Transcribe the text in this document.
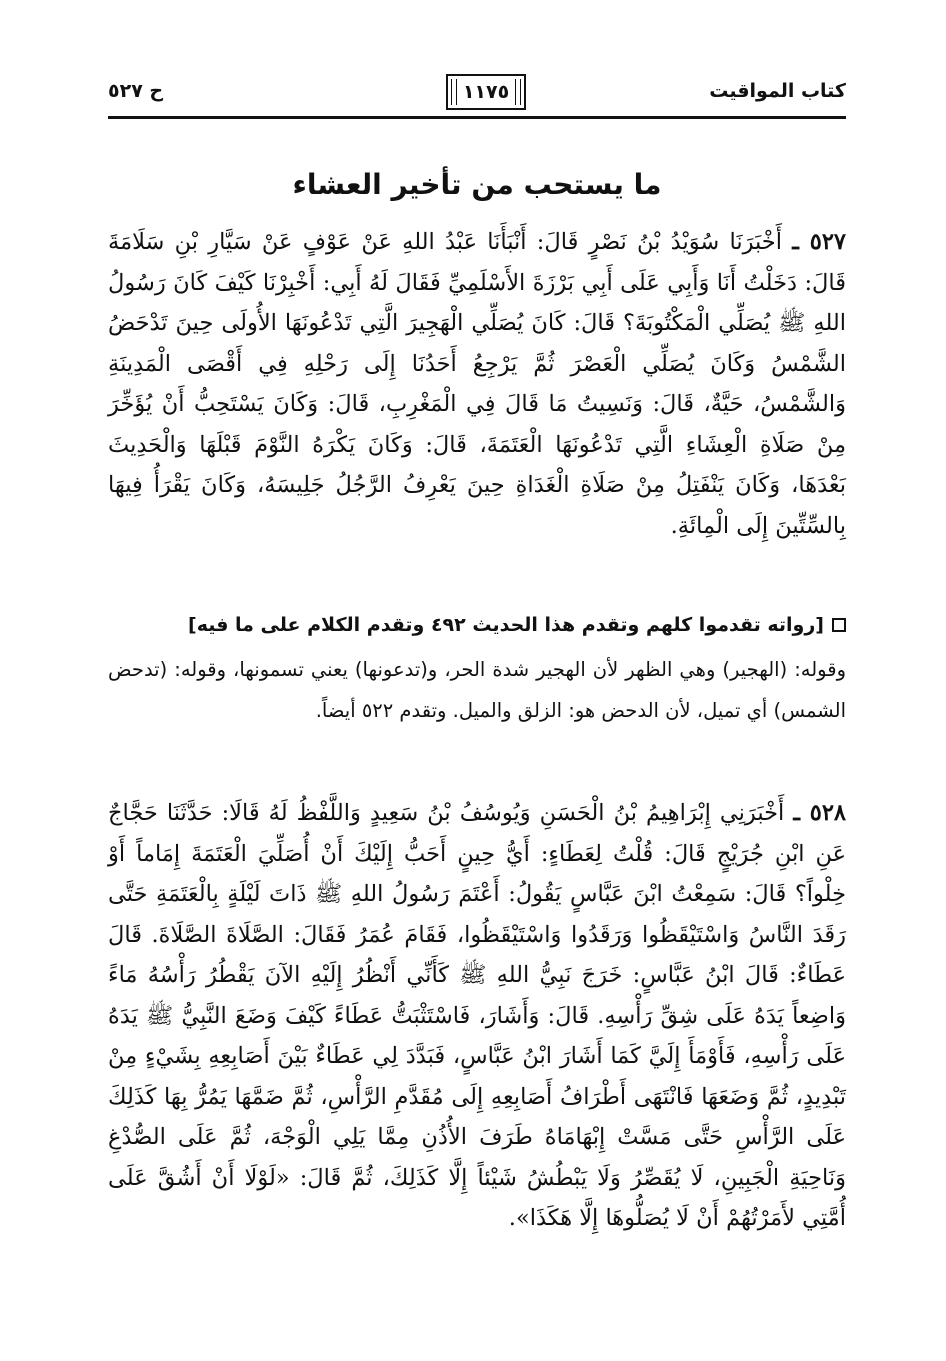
كتاب المواقيت
١١٧٥
ح ٥٢٧
ما يستحب من تأخير العشاء
٥٢٧ ـ أَخْبَرَنَا سُوَيْدُ بْنُ نَصْرٍ قَالَ: أَنْبَأَنَا عَبْدُ اللهِ عَنْ عَوْفٍ عَنْ سَيَّارِ بْنِ سَلَامَةَ قَالَ: دَخَلْتُ أَنَا وَأَبِي عَلَى أَبِي بَرْزَةَ الأَسْلَمِيِّ فَقَالَ لَهُ أَبِي: أَخْبِرْنَا كَيْفَ كَانَ رَسُولُ اللهِ ﷺ يُصَلِّي الْمَكْتُوبَةَ؟ قَالَ: كَانَ يُصَلِّي الْهَجِيرَ الَّتِي تَدْعُونَهَا الأُولَى حِينَ تَدْحَضُ الشَّمْسُ وَكَانَ يُصَلِّي الْعَصْرَ ثُمَّ يَرْجِعُ أَحَدُنَا إِلَى رَحْلِهِ فِي أَقْصَى الْمَدِينَةِ وَالشَّمْسُ، حَيَّةٌ، قَالَ: وَنَسِيتُ مَا قَالَ فِي الْمَغْرِبِ، قَالَ: وَكَانَ يَسْتَحِبُّ أَنْ يُؤَخِّرَ مِنْ صَلَاةِ الْعِشَاءِ الَّتِي تَدْعُونَهَا الْعَتَمَةَ، قَالَ: وَكَانَ يَكْرَهُ النَّوْمَ قَبْلَهَا وَالْحَدِيثَ بَعْدَهَا، وَكَانَ يَنْفَتِلُ مِنْ صَلَاةِ الْغَدَاةِ حِينَ يَعْرِفُ الرَّجُلُ جَلِيسَهُ، وَكَانَ يَقْرَأُ فِيهَا بِالسِّتِّينَ إِلَى الْمِائَةِ.
[رواته تقدموا كلهم وتقدم هذا الحديث ٤٩٢ وتقدم الكلام على ما فيه]
وقوله: (الهجير) وهي الظهر لأن الهجير شدة الحر، و(تدعونها) يعني تسمونها، وقوله: (تدحض الشمس) أي تميل، لأن الدحض هو: الزلق والميل. وتقدم ٥٢٢ أيضاً.
٥٢٨ ـ أَخْبَرَنِي إِبْرَاهِيمُ بْنُ الْحَسَنِ وَيُوسُفُ بْنُ سَعِيدٍ وَاللَّفْظُ لَهُ قَالَا: حَدَّثَنَا حَجَّاجٌ عَنِ ابْنِ جُرَيْجٍ قَالَ: قُلْتُ لِعَطَاءٍ: أَيُّ حِينٍ أَحَبُّ إِلَيْكَ أَنْ أُصَلِّيَ الْعَتَمَةَ إِمَاماً أَوْ خِلْواً؟ قَالَ: سَمِعْتُ ابْنَ عَبَّاسٍ يَقُولُ: أَعْتَمَ رَسُولُ اللهِ ﷺ ذَاتَ لَيْلَةٍ بِالْعَتَمَةِ حَتَّى رَقَدَ النَّاسُ وَاسْتَيْقَظُوا وَرَقَدُوا وَاسْتَيْقَظُوا، فَقَامَ عُمَرُ فَقَالَ: الصَّلَاةَ الصَّلَاةَ. قَالَ عَطَاءٌ: قَالَ ابْنُ عَبَّاسٍ: خَرَجَ نَبِيُّ اللهِ ﷺ كَأَنِّي أَنْظُرُ إِلَيْهِ الآنَ يَقْطُرُ رَأْسُهُ مَاءً وَاضِعاً يَدَهُ عَلَى شِقِّ رَأْسِهِ. قَالَ: وَأَشَارَ، فَاسْتَثْبَتُّ عَطَاءً كَيْفَ وَضَعَ النَّبِيُّ ﷺ يَدَهُ عَلَى رَأْسِهِ، فَأَوْمَأَ إِلَيَّ كَمَا أَشَارَ ابْنُ عَبَّاسٍ، فَبَدَّدَ لِي عَطَاءٌ بَيْنَ أَصَابِعِهِ بِشَيْءٍ مِنْ تَبْدِيدٍ، ثُمَّ وَضَعَهَا فَانْتَهَى أَطْرَافُ أَصَابِعِهِ إِلَى مُقَدَّمِ الرَّأْسِ، ثُمَّ ضَمَّهَا يَمُرُّ بِهَا كَذَلِكَ عَلَى الرَّأْسِ حَتَّى مَسَّتْ إِبْهَامَاهُ طَرَفَ الأُذُنِ مِمَّا يَلِي الْوَجْهَ، ثُمَّ عَلَى الصُّدْغِ وَنَاحِيَةِ الْجَبِينِ، لَا يُقَصِّرُ وَلَا يَبْطُشُ شَيْئاً إِلَّا كَذَلِكَ، ثُمَّ قَالَ: «لَوْلَا أَنْ أَشُقَّ عَلَى أُمَّتِي لأَمَرْتُهُمْ أَنْ لَا يُصَلُّوهَا إِلَّا هَكَذَا».
